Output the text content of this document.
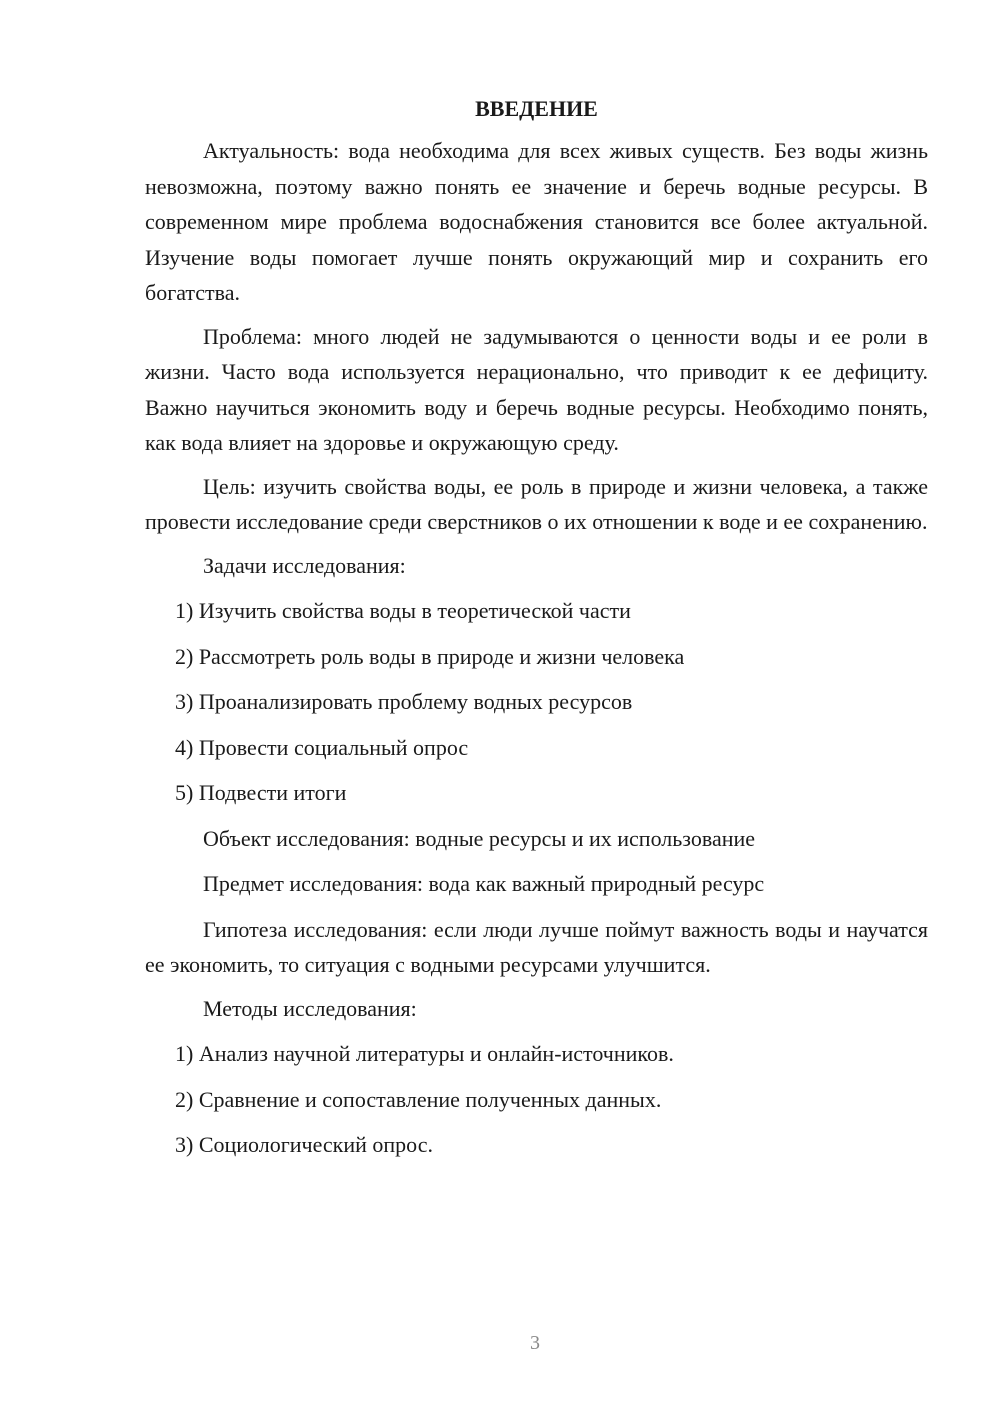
ВВЕДЕНИЕ

Актуальность: вода необходима для всех живых существ. Без воды жизнь невозможна, поэтому важно понять ее значение и беречь водные ресурсы. В современном мире проблема водоснабжения становится все более актуальной. Изучение воды помогает лучше понять окружающий мир и сохранить его богатства.

Проблема: много людей не задумываются о ценности воды и ее роли в жизни. Часто вода используется нерационально, что приводит к ее дефициту. Важно научиться экономить воду и беречь водные ресурсы. Необходимо понять, как вода влияет на здоровье и окружающую среду.

Цель: изучить свойства воды, ее роль в природе и жизни человека, а также провести исследование среди сверстников о их отношении к воде и ее сохранению.

Задачи исследования:
1) Изучить свойства воды в теоретической части
2) Рассмотреть роль воды в природе и жизни человека
3) Проанализировать проблему водных ресурсов
4) Провести социальный опрос
5) Подвести итоги
Объект исследования: водные ресурсы и их использование
Предмет исследования: вода как важный природный ресурс

Гипотеза исследования: если люди лучше поймут важность воды и научатся ее экономить, то ситуация с водными ресурсами улучшится.

Методы исследования:
1) Анализ научной литературы и онлайн-источников.
2) Сравнение и сопоставление полученных данных.
3) Социологический опрос.
3
